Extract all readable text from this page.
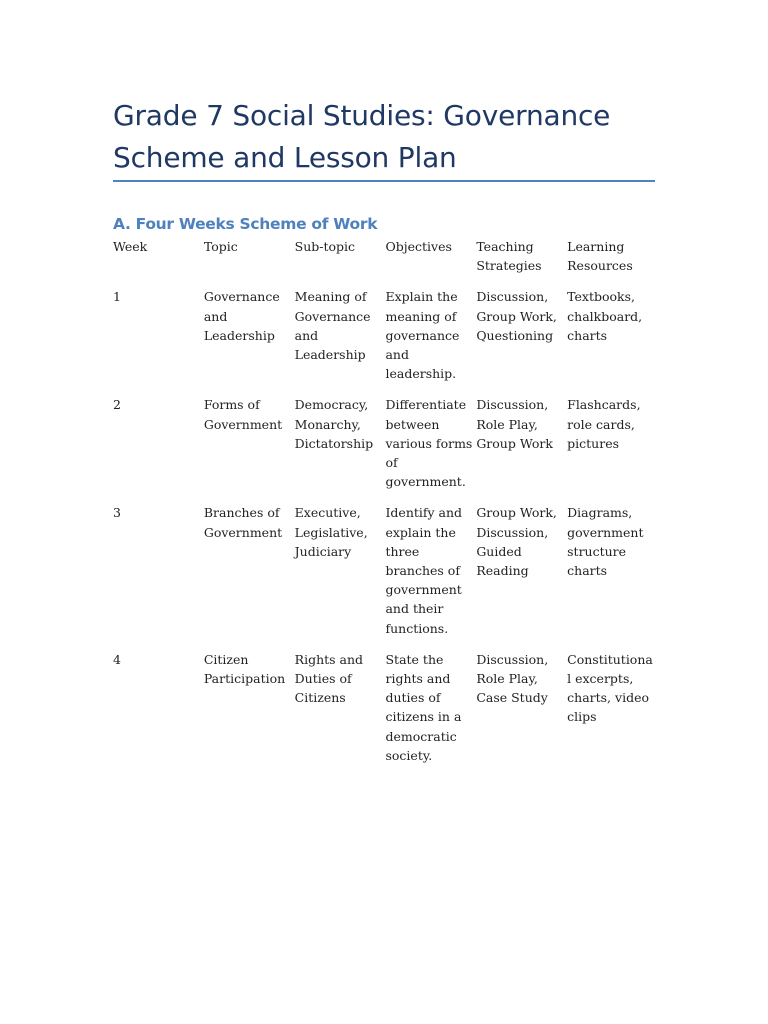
Grade 7 Social Studies: Governance Scheme and Lesson Plan
A. Four Weeks Scheme of Work
Week	Topic	Sub-topic	Objectives	Teaching Strategies	Learning Resources
1	Governance and Leadership	Meaning of Governance and Leadership	Explain the meaning of governance and leadership.	Discussion, Group Work, Questioning	Textbooks, chalkboard, charts
2	Forms of Government	Democracy, Monarchy, Dictatorship	Differentiate between various forms of government.	Discussion, Role Play, Group Work	Flashcards, role cards, pictures
3	Branches of Government	Executive, Legislative, Judiciary	Identify and explain the three branches of government and their functions.	Group Work, Discussion, Guided Reading	Diagrams, government structure charts
4	Citizen Participation	Rights and Duties of Citizens	State the rights and duties of citizens in a democratic society.	Discussion, Role Play, Case Study	Constitutional excerpts, charts, video clips
